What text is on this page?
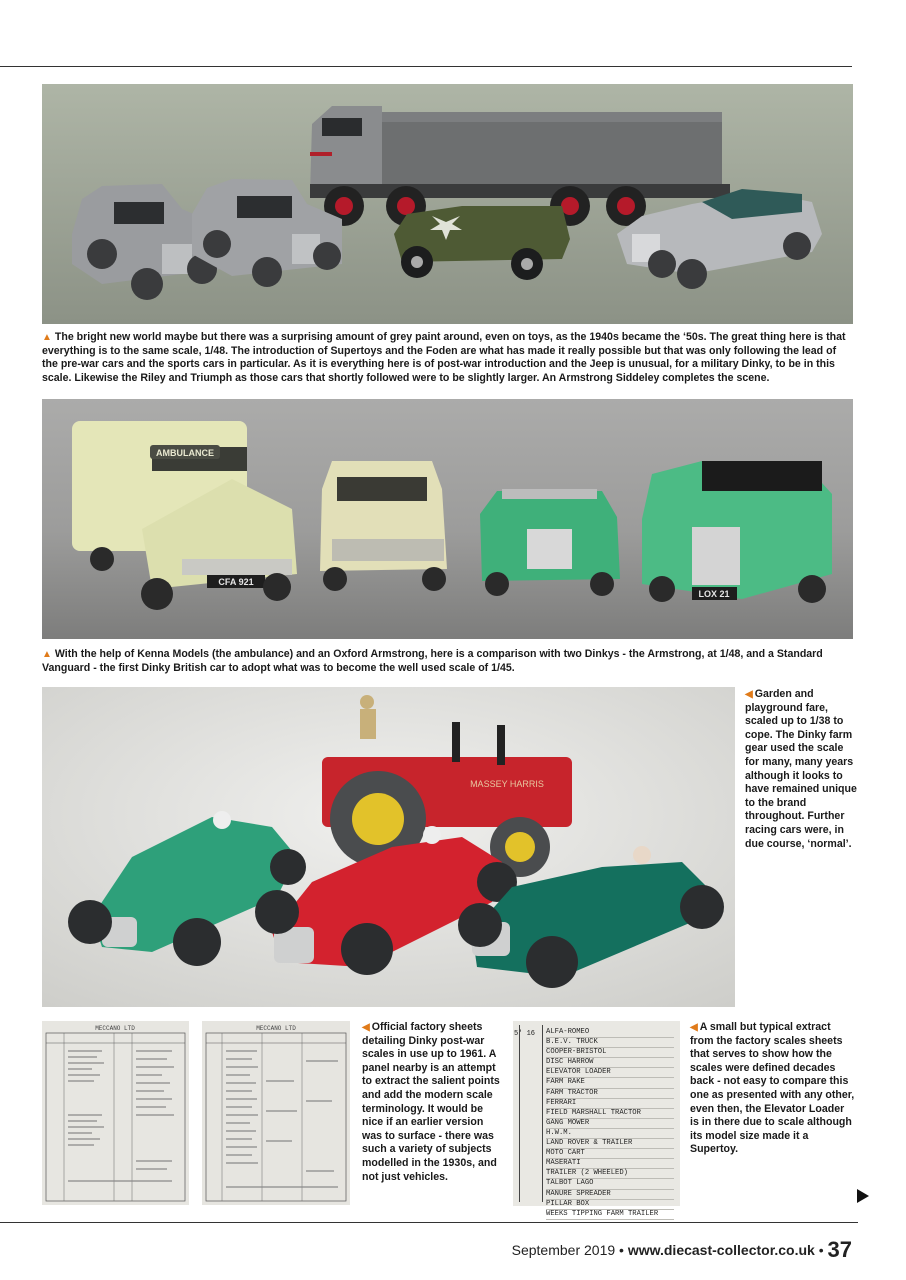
▲ The bright new world maybe but there was a surprising amount of grey paint around, even on toys, as the 1940s became the ‘50s. The great thing here is that everything is to the same scale, 1/48. The introduction of Supertoys and the Foden are what has made it really possible but that was only following the lead of the pre-war cars and the sports cars in particular. As it is everything here is of post-war introduction and the Jeep is unusual, for a military Dinky, to be in this scale. Likewise the Riley and Triumph as those cars that shortly followed were to be slightly larger. An Armstrong Siddeley completes the scene.

AMBULANCE
CFA 921
LOX 21

▲ With the help of Kenna Models (the ambulance) and an Oxford Armstrong, here is a comparison with two Dinkys - the Armstrong, at 1/48, and a Standard Vanguard - the first Dinky British car to adopt what was to become the well used scale of 1/45.

MASSEY HARRIS

◀ Garden and playground fare, scaled up to 1/38 to cope. The Dinky farm gear used the scale for many, many years although it looks to have remained unique to the brand throughout. Further racing cars were, in due course, ‘normal’.

MECCANO LTD	MECCANO LTD	◀ Official factory sheets detailing Dinky post-war scales in use up to 1961. A panel nearby is an attempt to extract the salient points and add the modern scale terminology. It would be nice if an earlier version was to surface - there was such a variety of subjects modelled in the 1930s, and not just vehicles.

5' 16	ALFA-ROMEO
B.E.V. TRUCK
COOPER-BRISTOL
DISC HARROW
ELEVATOR LOADER
FARM RAKE
FARM TRACTOR
FERRARI
FIELD MARSHALL TRACTOR
GANG MOWER
H.W.M.
LAND ROVER & TRAILER
MOTO CART
MASERATI
TRAILER (2 WHEELED)
TALBOT LAGO
MANURE SPREADER
PILLAR BOX
WEEKS TIPPING FARM TRAILER

◀ A small but typical extract from the factory scales sheets that serves to show how the scales were defined decades back - not easy to compare this one as presented with any other, even then, the Elevator Loader is in there due to scale although its model size made it a Supertoy.

September 2019 • www.diecast-collector.co.uk • 37
